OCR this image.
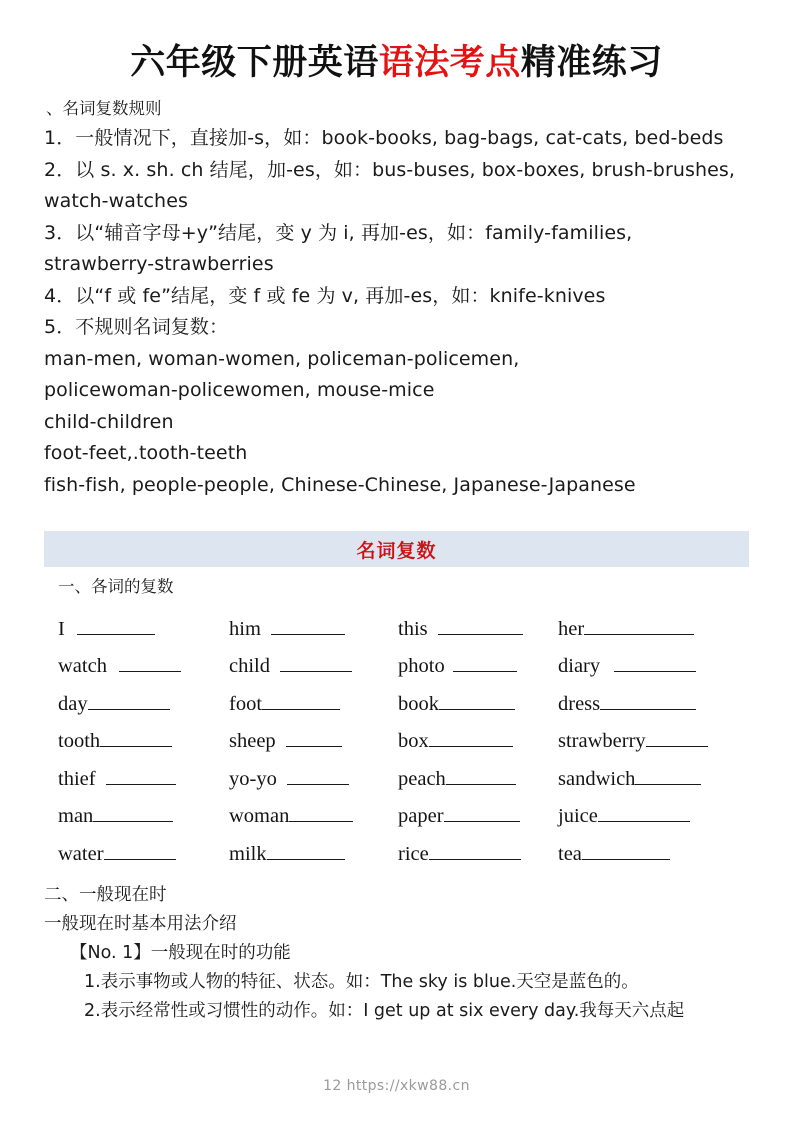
六年级下册英语语法考点精准练习
、名词复数规则

1．一般情况下，直接加-s，如：book-books, bag-bags, cat-cats, bed-beds

2．以 s. x. sh. ch 结尾，加-es，如：bus-buses, box-boxes, brush-brushes,

watch-watches

3．以“辅音字母+y”结尾，变 y 为 i, 再加-es，如：family-families,

strawberry-strawberries

4．以“f 或 fe”结尾，变 f 或 fe 为 v, 再加-es，如：knife-knives

5．不规则名词复数：

man-men, woman-women, policeman-policemen,

policewoman-policewomen, mouse-mice

child-children

foot-feet,.tooth-teeth

fish-fish, people-people, Chinese-Chinese, Japanese-Japanese

名词复数
一、各词的复数
I	him	this	her
watch	child	photo	diary
day	foot	book	dress
tooth	sheep	box	strawberry
thief	yo-yo	peach	sandwich
man	woman	paper	juice
water	milk	rice	tea

二、一般现在时

一般现在时基本用法介绍

【No. 1】一般现在时的功能

1.表示事物或人物的特征、状态。如：The sky is blue.天空是蓝色的。

2.表示经常性或习惯性的动作。如：I get up at six every day.我每天六点起

12 https://xkw88.cn
